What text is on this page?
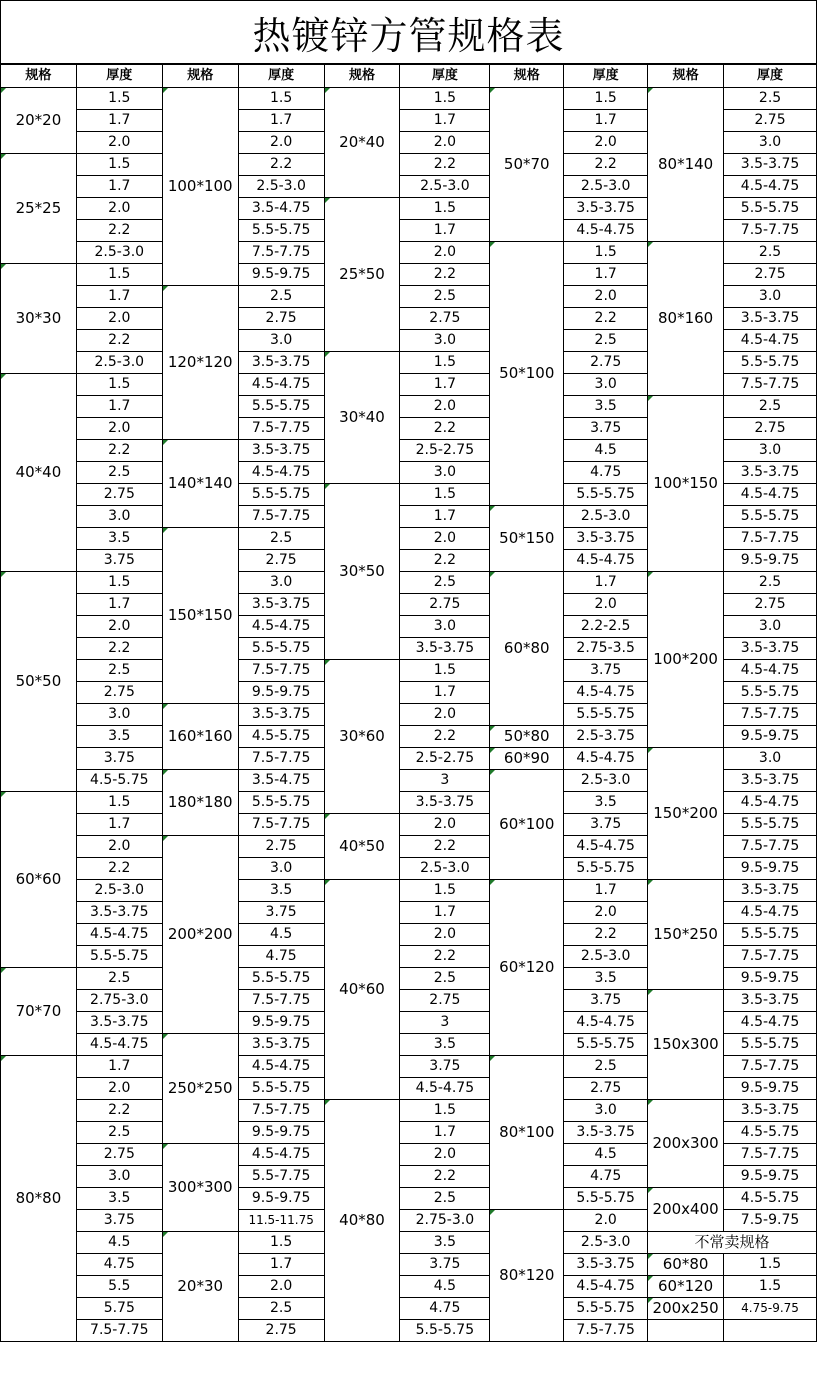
热镀锌方管规格表
规格	厚度	规格	厚度	规格	厚度	规格	厚度	规格	厚度
20*20	1.5	100*100	1.5	20*40	1.5	50*70	1.5	80*140	2.5
	1.7		1.7		1.7		1.7		2.75
	2.0		2.0		2.0		2.0		3.0
25*25	1.5		2.2		2.2		2.2		3.5-3.75
	1.7		2.5-3.0		2.5-3.0		2.5-3.0		4.5-4.75
	2.0		3.5-4.75	25*50	1.5		3.5-3.75		5.5-5.75
	2.2		5.5-5.75		1.7		4.5-4.75		7.5-7.75
	2.5-3.0		7.5-7.75		2.0	50*100	1.5	80*160	2.5
30*30	1.5		9.5-9.75		2.2		1.7		2.75
	1.7	120*120	2.5		2.5		2.0		3.0
	2.0		2.75		2.75		2.2		3.5-3.75
	2.2		3.0		3.0		2.5		4.5-4.75
	2.5-3.0		3.5-3.75	30*40	1.5		2.75		5.5-5.75
40*40	1.5		4.5-4.75		1.7		3.0		7.5-7.75
	1.7		5.5-5.75		2.0		3.5	100*150	2.5
	2.0		7.5-7.75		2.2		3.75		2.75
	2.2	140*140	3.5-3.75		2.5-2.75		4.5		3.0
	2.5		4.5-4.75		3.0		4.75		3.5-3.75
	2.75		5.5-5.75	30*50	1.5		5.5-5.75		4.5-4.75
	3.0		7.5-7.75		1.7	50*150	2.5-3.0		5.5-5.75
	3.5	150*150	2.5		2.0		3.5-3.75		7.5-7.75
	3.75		2.75		2.2		4.5-4.75		9.5-9.75
50*50	1.5		3.0		2.5	60*80	1.7	100*200	2.5
	1.7		3.5-3.75		2.75		2.0		2.75
	2.0		4.5-4.75		3.0		2.2-2.5		3.0
	2.2		5.5-5.75		3.5-3.75		2.75-3.5		3.5-3.75
	2.5		7.5-7.75	30*60	1.5		3.75		4.5-4.75
	2.75		9.5-9.75		1.7		4.5-4.75		5.5-5.75
	3.0	160*160	3.5-3.75		2.0		5.5-5.75		7.5-7.75
	3.5		4.5-5.75		2.2	50*80	2.5-3.75		9.5-9.75
	3.75		7.5-7.75		2.5-2.75	60*90	4.5-4.75	150*200	3.0
	4.5-5.75	180*180	3.5-4.75		3	60*100	2.5-3.0		3.5-3.75
60*60	1.5		5.5-5.75		3.5-3.75		3.5		4.5-4.75
	1.7		7.5-7.75	40*50	2.0		3.75		5.5-5.75
	2.0	200*200	2.75		2.2		4.5-4.75		7.5-7.75
	2.2		3.0		2.5-3.0		5.5-5.75		9.5-9.75
	2.5-3.0		3.5	40*60	1.5	60*120	1.7	150*250	3.5-3.75
	3.5-3.75		3.75		1.7		2.0		4.5-4.75
	4.5-4.75		4.5		2.0		2.2		5.5-5.75
	5.5-5.75		4.75		2.2		2.5-3.0		7.5-7.75
70*70	2.5		5.5-5.75		2.5		3.5		9.5-9.75
	2.75-3.0		7.5-7.75		2.75		3.75	150x300	3.5-3.75
	3.5-3.75		9.5-9.75		3		4.5-4.75		4.5-4.75
	4.5-4.75	250*250	3.5-3.75		3.5		5.5-5.75		5.5-5.75
80*80	1.7		4.5-4.75		3.75	80*100	2.5		7.5-7.75
	2.0		5.5-5.75		4.5-4.75		2.75		9.5-9.75
	2.2		7.5-7.75	40*80	1.5		3.0	200x300	3.5-3.75
	2.5		9.5-9.75		1.7		3.5-3.75		4.5-5.75
	2.75	300*300	4.5-4.75		2.0		4.5		7.5-7.75
	3.0		5.5-7.75		2.2		4.75		9.5-9.75
	3.5		9.5-9.75		2.5		5.5-5.75	200x400	4.5-5.75
	3.75		11.5-11.75		2.75-3.0	80*120	2.0		7.5-9.75
	4.5	20*30	1.5		3.5		2.5-3.0	不常卖规格	
	4.75		1.7		3.75		3.5-3.75	60*80	1.5
	5.5		2.0		4.5		4.5-4.75	60*120	1.5
	5.75		2.5		4.75		5.5-5.75	200x250	4.75-9.75
	7.5-7.75		2.75		5.5-5.75		7.5-7.75		
